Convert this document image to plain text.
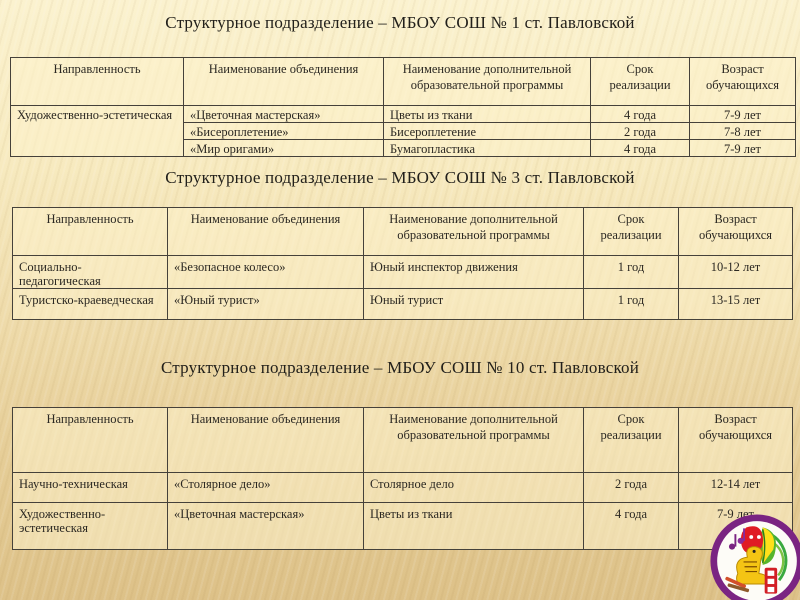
Структурное подразделение – МБОУ СОШ № 1 ст. Павловской
Направленность	Наименование объединения	Наименование дополнительной образовательной программы	Срок реализации	Возраст обучающихся
Художественно-эстетическая	«Цветочная мастерская»	Цветы из ткани	4 года	7-9 лет
	«Бисероплетение»	Бисероплетение	2 года	7-8 лет
	«Мир оригами»	Бумагопластика	4 года	7-9 лет
Структурное подразделение – МБОУ СОШ № 3 ст. Павловской
Направленность	Наименование объединения	Наименование дополнительной образовательной программы	Срок реализации	Возраст обучающихся
Социально-педагогическая	«Безопасное колесо»	Юный инспектор движения	1 год	10-12 лет
Туристско-краеведческая	«Юный турист»	Юный турист	1 год	13-15 лет
Структурное подразделение – МБОУ СОШ № 10 ст. Павловской
Направленность	Наименование объединения	Наименование дополнительной образовательной программы	Срок реализации	Возраст обучающихся
Научно-техническая	«Столярное дело»	Столярное дело	2 года	12-14 лет
Художественно-эстетическая	«Цветочная мастерская»	Цветы из ткани	4 года	7-9 лет
